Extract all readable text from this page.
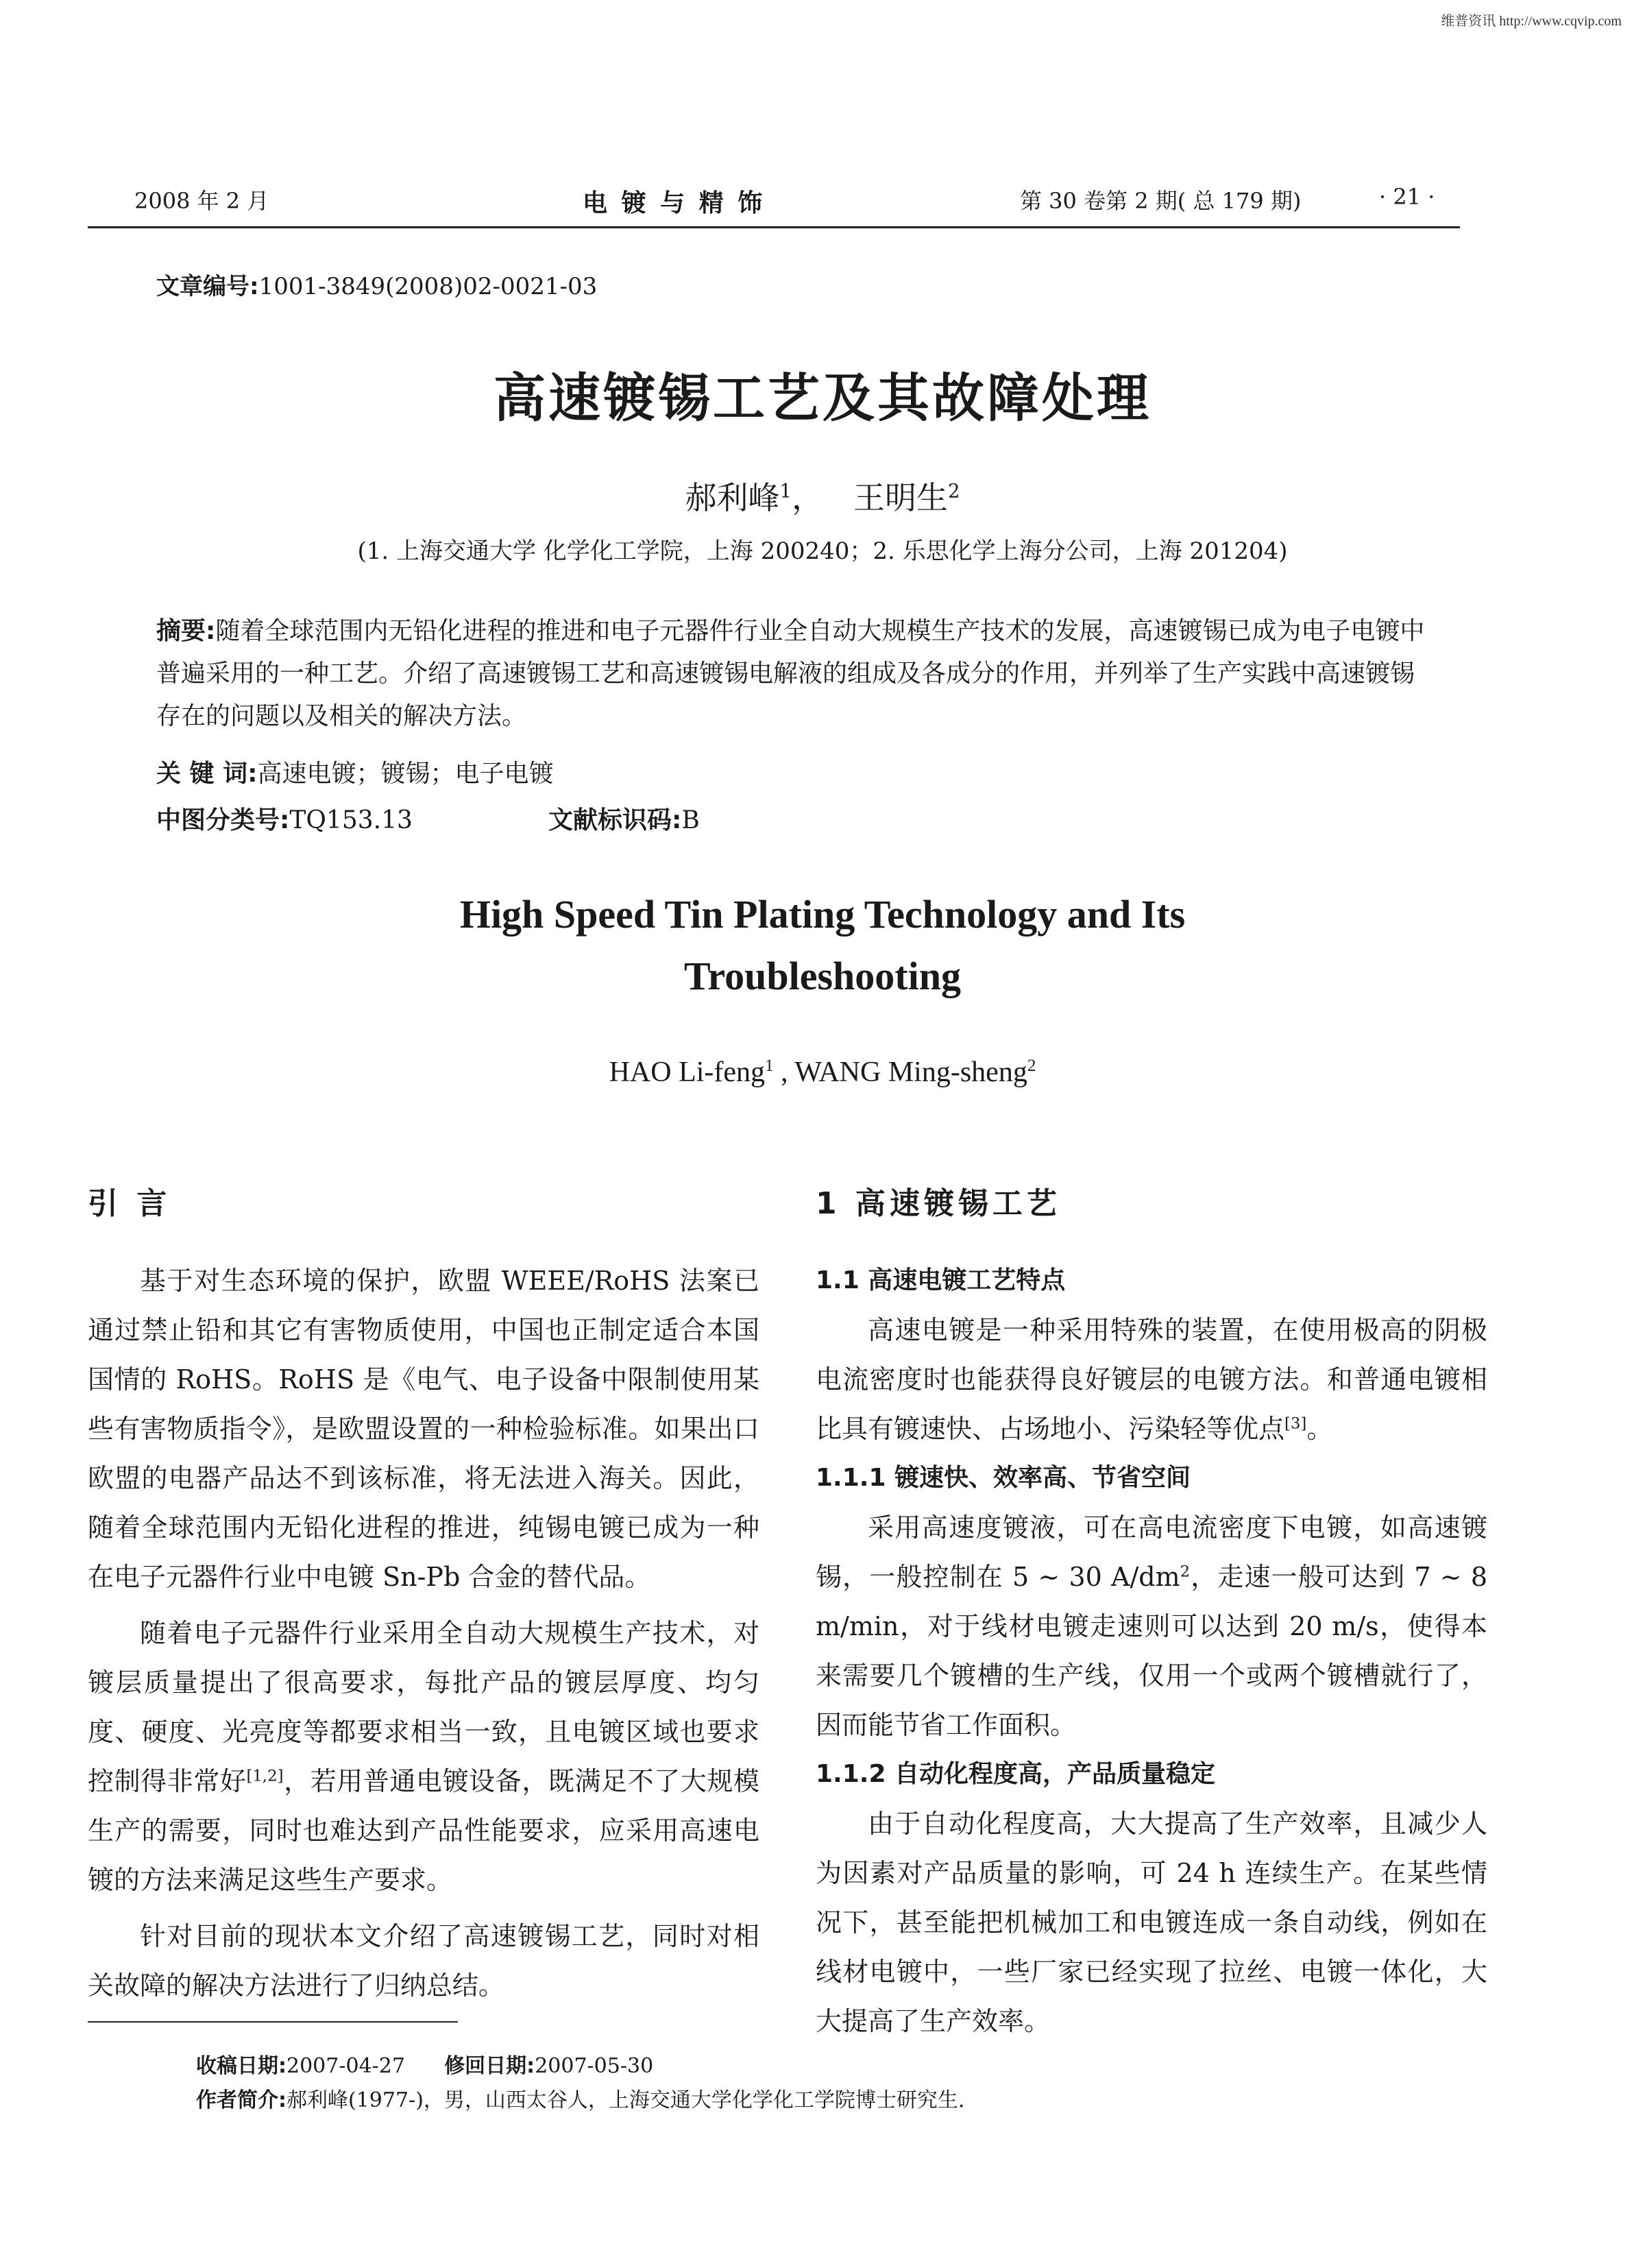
维普资讯 http://www.cqvip.com
2008 年 2 月	电 镀 与 精 饰	第 30 卷第 2 期( 总 179 期)	· 21 ·
文章编号:1001-3849(2008)02-0021-03
高速镀锡工艺及其故障处理
郝利峰$^1$， 王明生$^2$
(1. 上海交通大学 化学化工学院，上海 200240；2. 乐思化学上海分公司，上海 201204)
摘要:随着全球范围内无铅化进程的推进和电子元器件行业全自动大规模生产技术的发展，高速镀锡已成为电子电镀中普遍采用的一种工艺。介绍了高速镀锡工艺和高速镀锡电解液的组成及各成分的作用，并列举了生产实践中高速镀锡存在的问题以及相关的解决方法。
关 键 词:高速电镀；镀锡；电子电镀
中图分类号:TQ153.13	文献标识码:B
High Speed Tin Plating Technology and Its
Troubleshooting
HAO Li-feng$^1$ , WANG Ming-sheng$^2$
引 言

基于对生态环境的保护，欧盟 WEEE/RoHS 法案已通过禁止铅和其它有害物质使用，中国也正制定适合本国国情的 RoHS。RoHS 是《电气、电子设备中限制使用某些有害物质指令》，是欧盟设置的一种检验标准。如果出口欧盟的电器产品达不到该标准，将无法进入海关。因此，随着全球范围内无铅化进程的推进，纯锡电镀已成为一种在电子元器件行业中电镀 Sn-Pb 合金的替代品。

随着电子元器件行业采用全自动大规模生产技术，对镀层质量提出了很高要求，每批产品的镀层厚度、均匀度、硬度、光亮度等都要求相当一致，且电镀区域也要求控制得非常好[1,2]，若用普通电镀设备，既满足不了大规模生产的需要，同时也难达到产品性能要求，应采用高速电镀的方法来满足这些生产要求。

针对目前的现状本文介绍了高速镀锡工艺，同时对相关故障的解决方法进行了归纳总结。

1 高速镀锡工艺
1.1 高速电镀工艺特点

高速电镀是一种采用特殊的装置，在使用极高的阴极电流密度时也能获得良好镀层的电镀方法。和普通电镀相比具有镀速快、占场地小、污染轻等优点[3]。

1.1.1 镀速快、效率高、节省空间

采用高速度镀液，可在高电流密度下电镀，如高速镀锡，一般控制在 5 ~ 30 $A/dm^2$，走速一般可达到 7 ~ 8 m/min，对于线材电镀走速则可以达到 20 m/s，使得本来需要几个镀槽的生产线，仅用一个或两个镀槽就行了，因而能节省工作面积。

1.1.2 自动化程度高，产品质量稳定

由于自动化程度高，大大提高了生产效率，且减少人为因素对产品质量的影响，可 24 h 连续生产。在某些情况下，甚至能把机械加工和电镀连成一条自动线，例如在线材电镀中，一些厂家已经实现了拉丝、电镀一体化，大大提高了生产效率。

收稿日期:2007-04-27 修回日期:2007-05-30
作者简介:郝利峰(1977-)，男，山西太谷人，上海交通大学化学化工学院博士研究生.
